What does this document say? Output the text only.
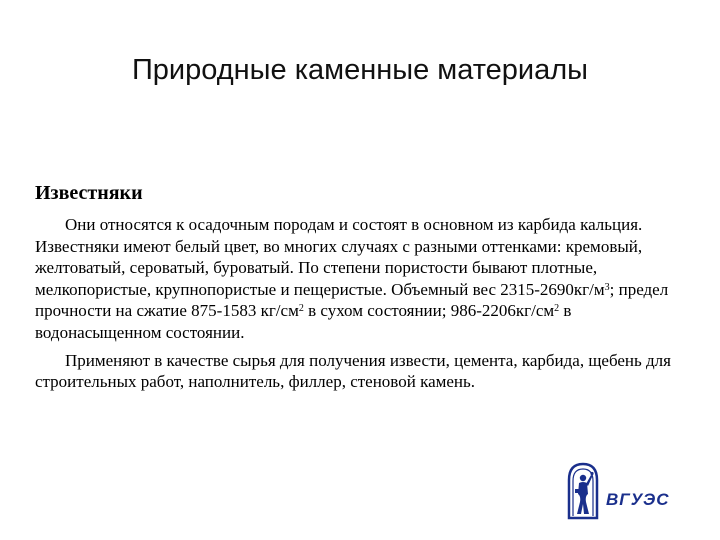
Природные каменные материалы
Известняки

Они относятся к осадочным породам и состоят в основном из карбида кальция. Известняки имеют белый цвет, во многих случаях с разными оттенками: кремовый, желтоватый, сероватый, буроватый. По степени пористости бывают плотные, мелкопористые, крупнопористые и пещеристые. Объемный вес $2315-2690кг/м^3$; предел прочности на сжатие 875-1583 $кг/см^2$ в сухом состоянии; $986-2206кг/см^2$ в водонасыщенном состоянии.

Применяют в качестве сырья для получения извести, цемента, карбида, щебень для строительных работ, наполнитель, филлер, стеновой камень.

ВГУЭС
